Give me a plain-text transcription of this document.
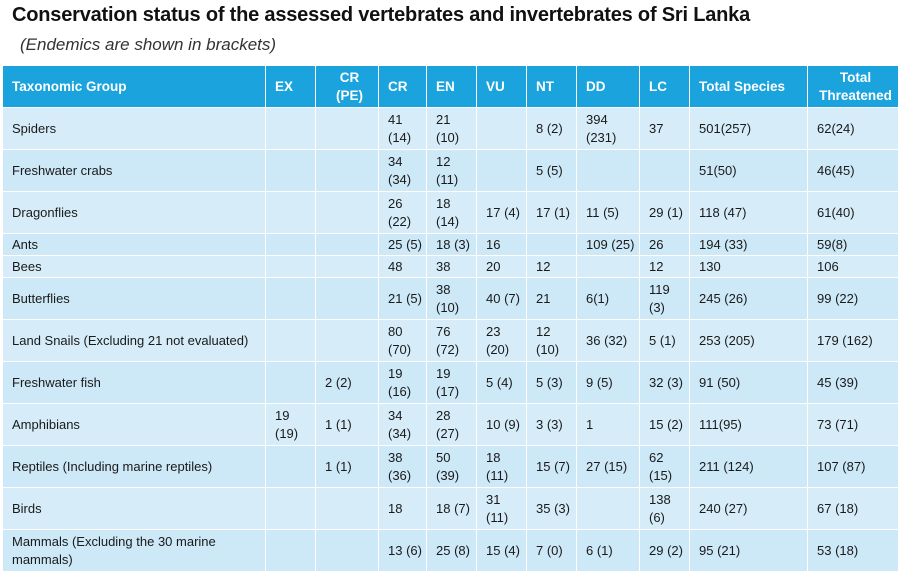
Conservation status of the assessed vertebrates and invertebrates of Sri Lanka
(Endemics are shown in brackets)
Taxonomic Group	EX	CR (PE)	CR	EN	VU	NT	DD	LC	Total Species	Total Threatened
Spiders			41 (14)	21 (10)		8 (2)	394 (231)	37	501(257)	62(24)
Freshwater crabs			34 (34)	12 (11)		5 (5)			51(50)	46(45)
Dragonflies			26 (22)	18 (14)	17 (4)	17 (1)	11 (5)	29 (1)	118 (47)	61(40)
Ants			25 (5)	18 (3)	16		109 (25)	26	194 (33)	59(8)
Bees			48	38	20	12		12	130	106
Butterflies			21 (5)	38 (10)	40 (7)	21	6(1)	119 (3)	245 (26)	99 (22)
Land Snails (Excluding 21 not evaluated)			80 (70)	76 (72)	23 (20)	12 (10)	36 (32)	5 (1)	253 (205)	179 (162)
Freshwater fish		2 (2)	19 (16)	19 (17)	5 (4)	5 (3)	9 (5)	32 (3)	91 (50)	45 (39)
Amphibians	19 (19)	1 (1)	34 (34)	28 (27)	10 (9)	3 (3)	1	15 (2)	111(95)	73 (71)
Reptiles (Including marine reptiles)		1 (1)	38 (36)	50 (39)	18 (11)	15 (7)	27 (15)	62 (15)	211 (124)	107 (87)
Birds			18	18 (7)	31 (11)	35 (3)		138 (6)	240 (27)	67 (18)
Mammals (Excluding the 30 marine mammals)			13 (6)	25 (8)	15 (4)	7 (0)	6 (1)	29 (2)	95 (21)	53 (18)
